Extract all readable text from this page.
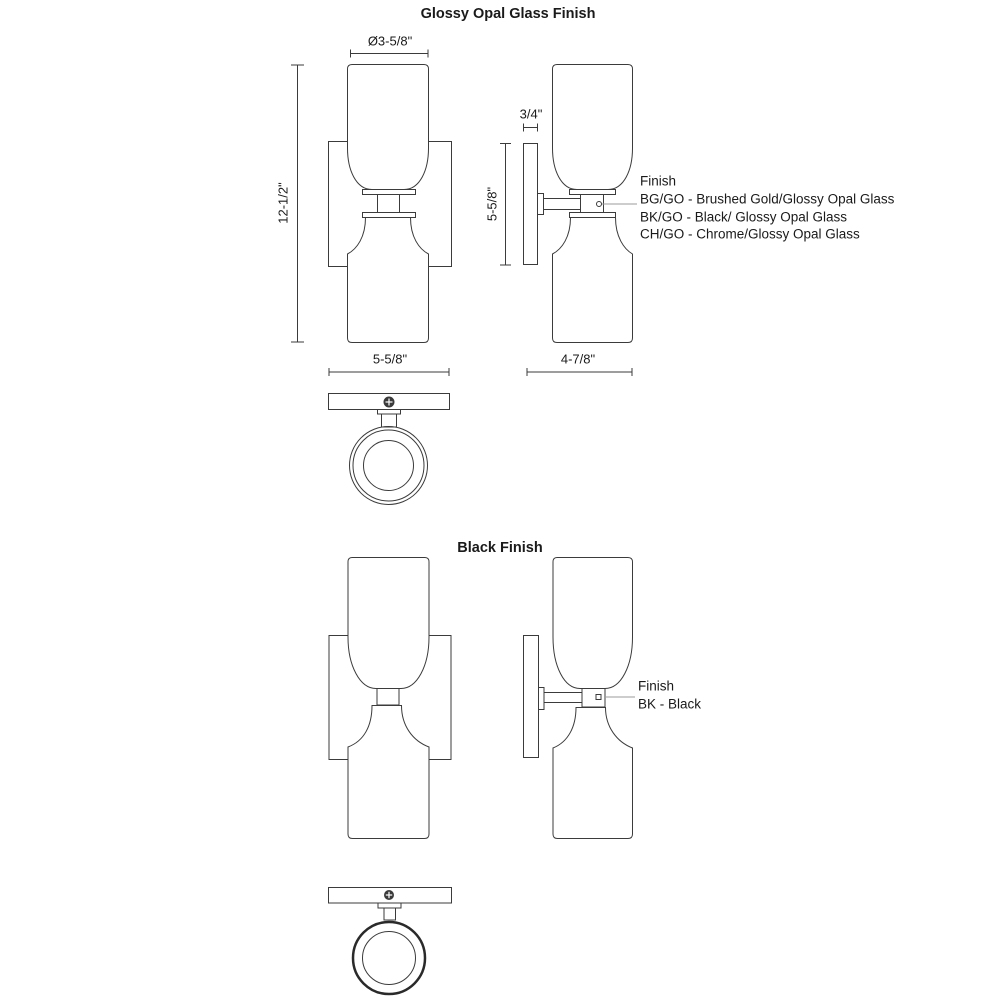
Glossy Opal Glass Finish
Ø3-5/8"
12-1/2"
3/4"
5-5/8"
5-5/8"	4-7/8"
Finish
BG/GO - Brushed Gold/Glossy Opal Glass
BK/GO - Black/ Glossy Opal Glass
CH/GO - Chrome/Glossy Opal Glass
Black Finish
Finish
BK - Black
